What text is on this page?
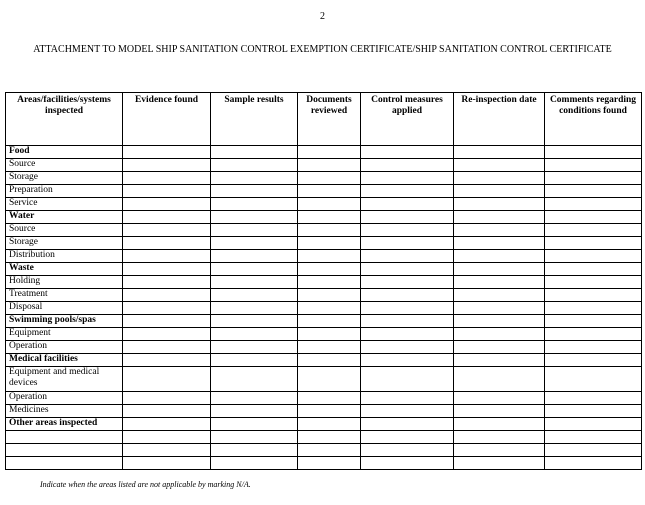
2
ATTACHMENT TO MODEL SHIP SANITATION CONTROL EXEMPTION CERTIFICATE/SHIP SANITATION CONTROL CERTIFICATE
Areas/facilities/systems inspected	Evidence found	Sample results	Documents reviewed	Control measures applied	Re-inspection date	Comments regarding conditions found
Food						
Source						
Storage						
Preparation						
Service						
Water						
Source						
Storage						
Distribution						
Waste						
Holding						
Treatment						
Disposal						
Swimming pools/spas						
Equipment						
Operation						
Medical facilities						
Equipment and medical devices						
Operation						
Medicines						
Other areas inspected						

Indicate when the areas listed are not applicable by marking N/A.
